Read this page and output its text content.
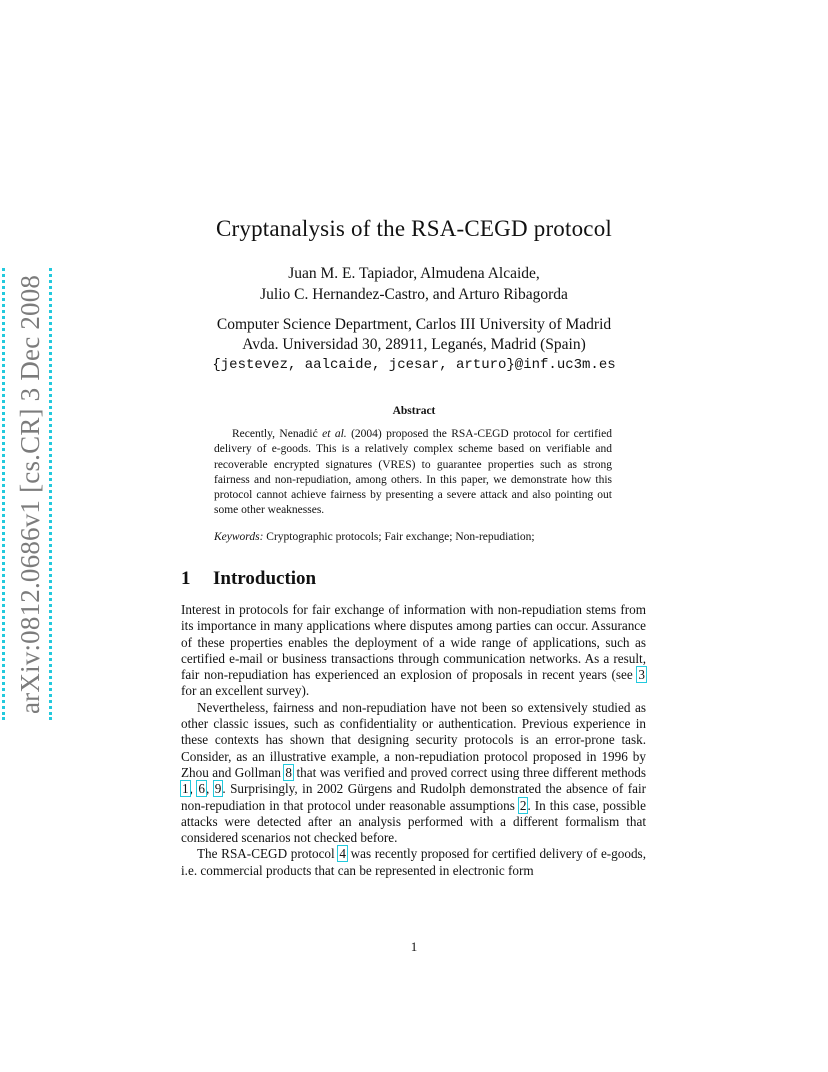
arXiv:0812.0686v1 [cs.CR] 3 Dec 2008
Cryptanalysis of the RSA-CEGD protocol
Juan M. E. Tapiador, Almudena Alcaide,
Julio C. Hernandez-Castro, and Arturo Ribagorda
Computer Science Department, Carlos III University of Madrid
Avda. Universidad 30, 28911, Leganés, Madrid (Spain)
{jestevez, aalcaide, jcesar, arturo}@inf.uc3m.es
Abstract

Recently, Nenadić et al. (2004) proposed the RSA-CEGD protocol for certified delivery of e-goods. This is a relatively complex scheme based on verifiable and recoverable encrypted signatures (VRES) to guarantee properties such as strong fairness and non-repudiation, among others. In this paper, we demonstrate how this protocol cannot achieve fairness by presenting a severe attack and also pointing out some other weaknesses.

Keywords: Cryptographic protocols; Fair exchange; Non-repudiation;

1 Introduction

Interest in protocols for fair exchange of information with non-repudiation stems from its importance in many applications where disputes among parties can occur. Assurance of these properties enables the deployment of a wide range of applications, such as certified e-mail or business transactions through communication networks. As a result, fair non-repudiation has experienced an explosion of proposals in recent years (see 3 for an excellent survey).

Nevertheless, fairness and non-repudiation have not been so extensively studied as other classic issues, such as confidentiality or authentication. Previous experience in these contexts has shown that designing security protocols is an error-prone task. Consider, as an illustrative example, a non-repudiation protocol proposed in 1996 by Zhou and Gollman 8 that was verified and proved correct using three different methods 1, 6, 9. Surprisingly, in 2002 Gürgens and Rudolph demonstrated the absence of fair non-repudiation in that protocol under reasonable assumptions 2. In this case, possible attacks were detected after an analysis performed with a different formalism that considered scenarios not checked before.

The RSA-CEGD protocol 4 was recently proposed for certified delivery of e-goods, i.e. commercial products that can be represented in electronic form

1
